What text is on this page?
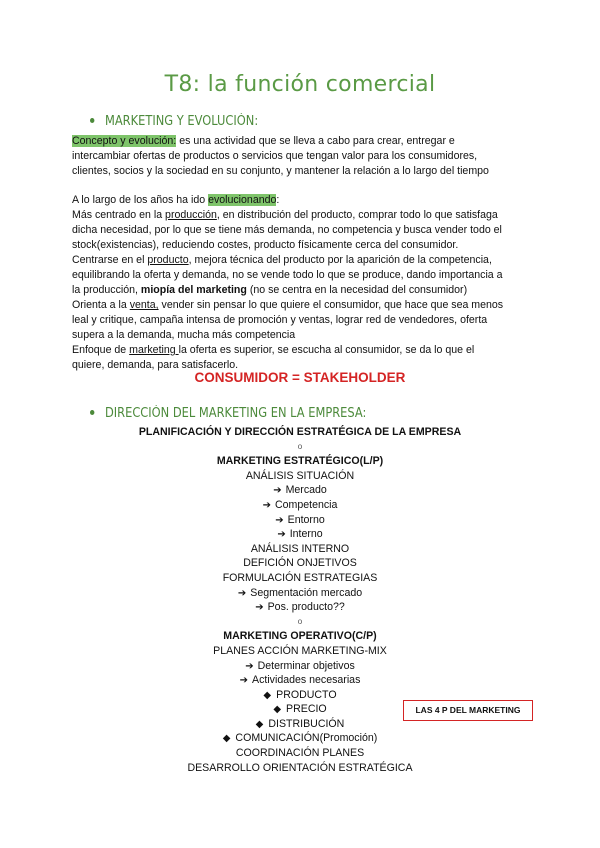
T8: la función comercial
MARKETING Y EVOLUCIÓN:
Concepto y evolución: es una actividad que se lleva a cabo para crear, entregar e
intercambiar ofertas de productos o servicios que tengan valor para los consumidores,
clientes, socios y la sociedad en su conjunto, y mantener la relación a lo largo del tiempo
A lo largo de los años ha ido evolucionando:
Más centrado en la producción, en distribución del producto, comprar todo lo que satisfaga
dicha necesidad, por lo que se tiene más demanda, no competencia y busca vender todo el
stock(existencias), reduciendo costes, producto físicamente cerca del consumidor.
Centrarse en el producto, mejora técnica del producto por la aparición de la competencia,
equilibrando la oferta y demanda, no se vende todo lo que se produce, dando importancia a
la producción, miopía del marketing (no se centra en la necesidad del consumidor)
Orienta a la venta, vender sin pensar lo que quiere el consumidor, que hace que sea menos
leal y critique, campaña intensa de promoción y ventas, lograr red de vendedores, oferta
supera a la demanda, mucha más competencia
Enfoque de marketing la oferta es superior, se escucha al consumidor, se da lo que el
quiere, demanda, para satisfacerlo.
CONSUMIDOR = STAKEHOLDER
DIRECCIÓN DEL MARKETING EN LA EMPRESA:
PLANIFICACIÓN Y DIRECCIÓN ESTRATÉGICA DE LA EMPRESA
o
MARKETING ESTRATÉGICO(L/P)
ANÁLISIS SITUACIÓN
➔ Mercado
➔ Competencia
➔ Entorno
➔ Interno
ANÁLISIS INTERNO
DEFICIÓN ONJETIVOS
FORMULACIÓN ESTRATEGIAS
➔ Segmentación mercado
➔ Pos. producto??
o
MARKETING OPERATIVO(C/P)
PLANES ACCIÓN MARKETING-MIX
➔ Determinar objetivos
➔ Actividades necesarias
◆ PRODUCTO
◆ PRECIO
◆ DISTRIBUCIÓN
◆ COMUNICACIÓN(Promoción)
COORDINACIÓN PLANES
DESARROLLO ORIENTACIÓN ESTRATÉGICA
LAS 4 P DEL MARKETING
